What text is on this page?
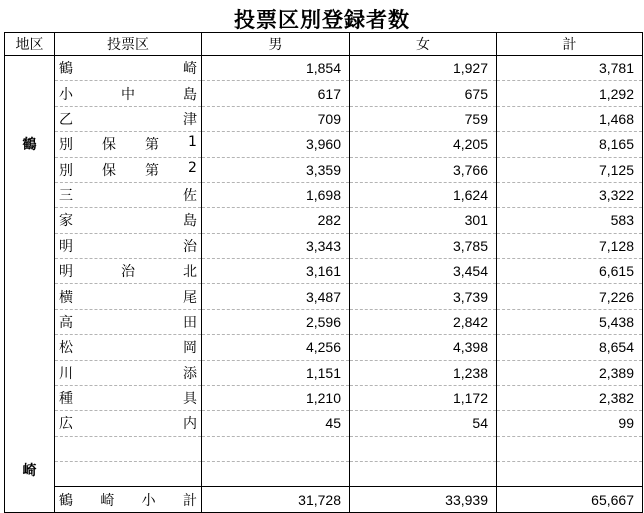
投票区別登録者数
地区	投票区	男	女	計

鶴
崎	鶴 崎	1,854	1,927	3,781

	小 中 島	617	675	1,292

	乙 津	709	759	1,468

	別 保 第 1	3,960	4,205	8,165

	別 保 第 2	3,359	3,766	7,125

	三 佐	1,698	1,624	3,322

	家 島	282	301	583

	明 治	3,343	3,785	7,128

	明 治 北	3,161	3,454	6,615

	横 尾	3,487	3,739	7,226

	高 田	2,596	2,842	5,438

	松 岡	4,256	4,398	8,654

	川 添	1,151	1,238	2,389

	種 具	1,210	1,172	2,382

	広 内	45	54	99

	鶴 崎 小 計	31,728	33,939	65,667
